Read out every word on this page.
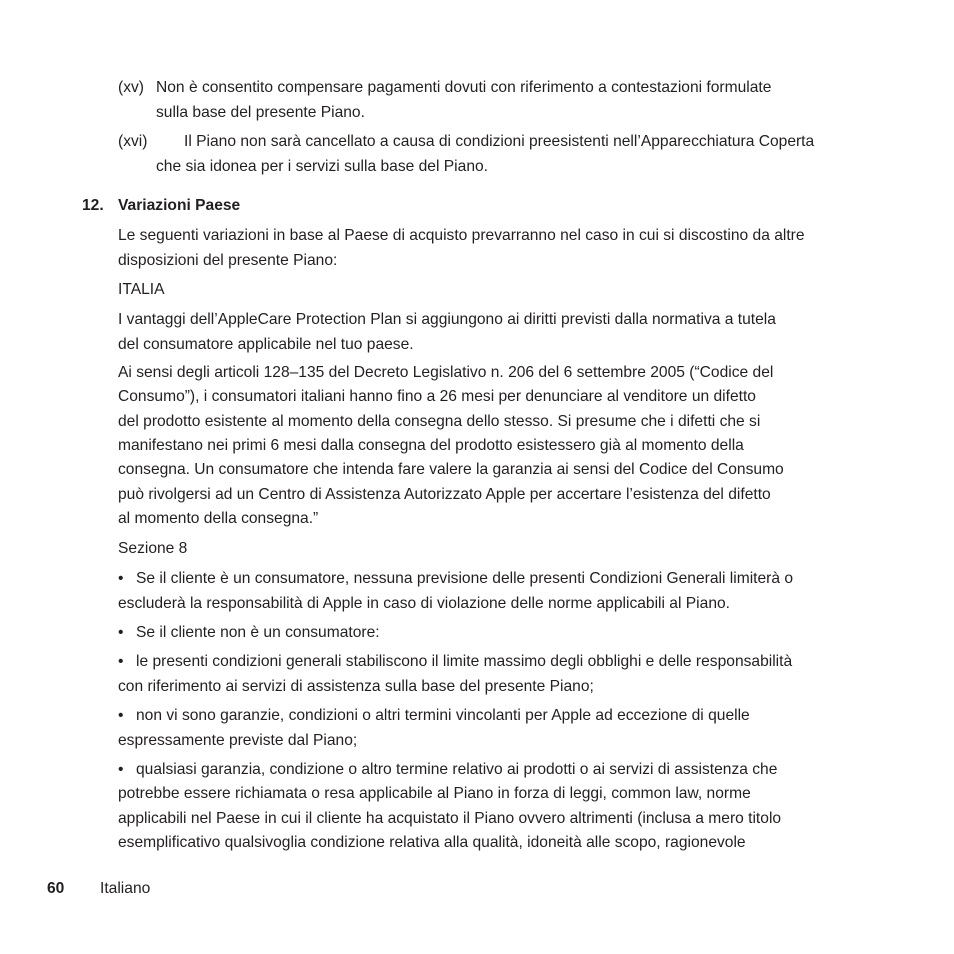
(xv) Non è consentito compensare pagamenti dovuti con riferimento a contestazioni formulate
sulla base del presente Piano.
(xvi) Il Piano non sarà cancellato a causa di condizioni preesistenti nell’Apparecchiatura Coperta
che sia idonea per i servizi sulla base del Piano.
12. Variazioni Paese
Le seguenti variazioni in base al Paese di acquisto prevarranno nel caso in cui si discostino da altre
disposizioni del presente Piano:
ITALIA
I vantaggi dell’AppleCare Protection Plan si aggiungono ai diritti previsti dalla normativa a tutela
del consumatore applicabile nel tuo paese.
Ai sensi degli articoli 128–135 del Decreto Legislativo n. 206 del 6 settembre 2005 (“Codice del
Consumo”), i consumatori italiani hanno fino a 26 mesi per denunciare al venditore un difetto
del prodotto esistente al momento della consegna dello stesso. Si presume che i difetti che si
manifestano nei primi 6 mesi dalla consegna del prodotto esistessero già al momento della
consegna. Un consumatore che intenda fare valere la garanzia ai sensi del Codice del Consumo
può rivolgersi ad un Centro di Assistenza Autorizzato Apple per accertare l’esistenza del difetto
al momento della consegna.”
Sezione 8
• Se il cliente è un consumatore, nessuna previsione delle presenti Condizioni Generali limiterà o
escluderà la responsabilità di Apple in caso di violazione delle norme applicabili al Piano.
• Se il cliente non è un consumatore:
• le presenti condizioni generali stabiliscono il limite massimo degli obblighi e delle responsabilità
con riferimento ai servizi di assistenza sulla base del presente Piano;
• non vi sono garanzie, condizioni o altri termini vincolanti per Apple ad eccezione di quelle
espressamente previste dal Piano;
• qualsiasi garanzia, condizione o altro termine relativo ai prodotti o ai servizi di assistenza che
potrebbe essere richiamata o resa applicabile al Piano in forza di leggi, common law, norme
applicabili nel Paese in cui il cliente ha acquistato il Piano ovvero altrimenti (inclusa a mero titolo
esemplificativo qualsivoglia condizione relativa alla qualità, idoneità alle scopo, ragionevole
60 Italiano
